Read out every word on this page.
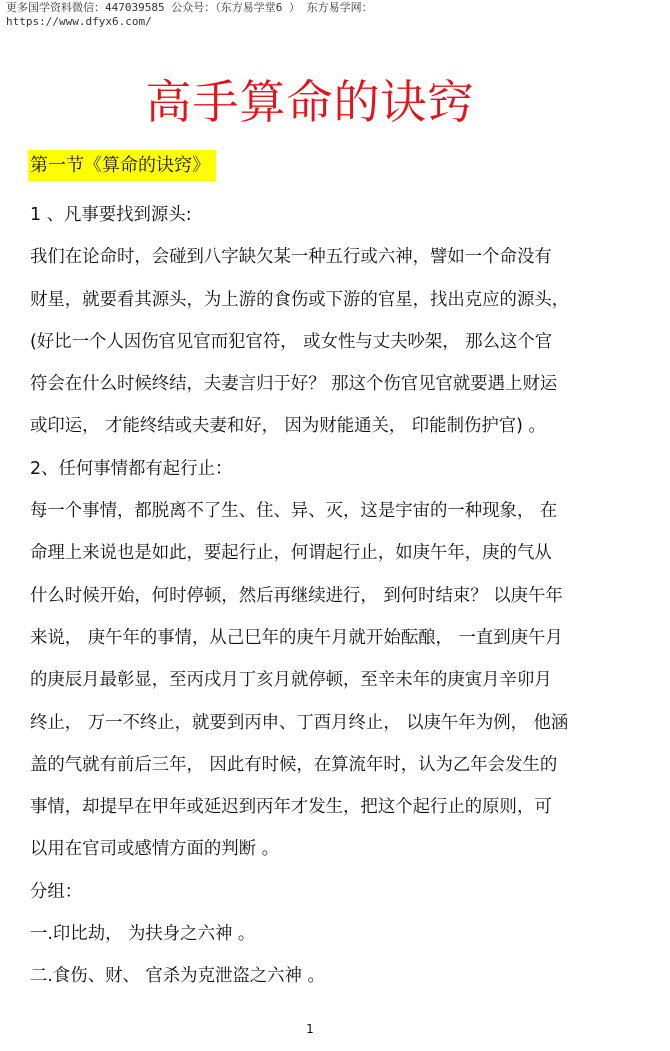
更多国学资料微信：447039585 公众号：（东方易学堂6 ） 东方易学网：
https://www.dfyx6.com/
高手算命的诀窍
第一节《算命的诀窍》
1 、凡事要找到源头:
我们在论命时，会碰到八字缺欠某一种五行或六神，譬如一个命没有
财星，就要看其源头，为上游的食伤或下游的官星，找出克应的源头，
(好比一个人因伤官见官而犯官符， 或女性与丈夫吵架， 那么这个官
符会在什么时候终结，夫妻言归于好？ 那这个伤官见官就要遇上财运
或印运， 才能终结或夫妻和好， 因为财能通关， 印能制伤护官) 。
2、任何事情都有起行止：
每一个事情，都脱离不了生、住、异、灭，这是宇宙的一种现象， 在
命理上来说也是如此，要起行止，何谓起行止，如庚午年，庚的气从
什么时候开始，何时停顿，然后再继续进行， 到何时结束？ 以庚午年
来说， 庚午年的事情，从己巳年的庚午月就开始酝酿， 一直到庚午月
的庚辰月最彰显，至丙戌月丁亥月就停顿，至辛未年的庚寅月辛卯月
终止， 万一不终止，就要到丙申、丁酉月终止， 以庚午年为例， 他涵
盖的气就有前后三年， 因此有时候，在算流年时，认为乙年会发生的
事情，却提早在甲年或延迟到丙年才发生，把这个起行止的原则，可
以用在官司或感情方面的判断 。
分组：
一.印比劫， 为扶身之六神 。
二.食伤、财、 官杀为克泄盗之六神 。
1
